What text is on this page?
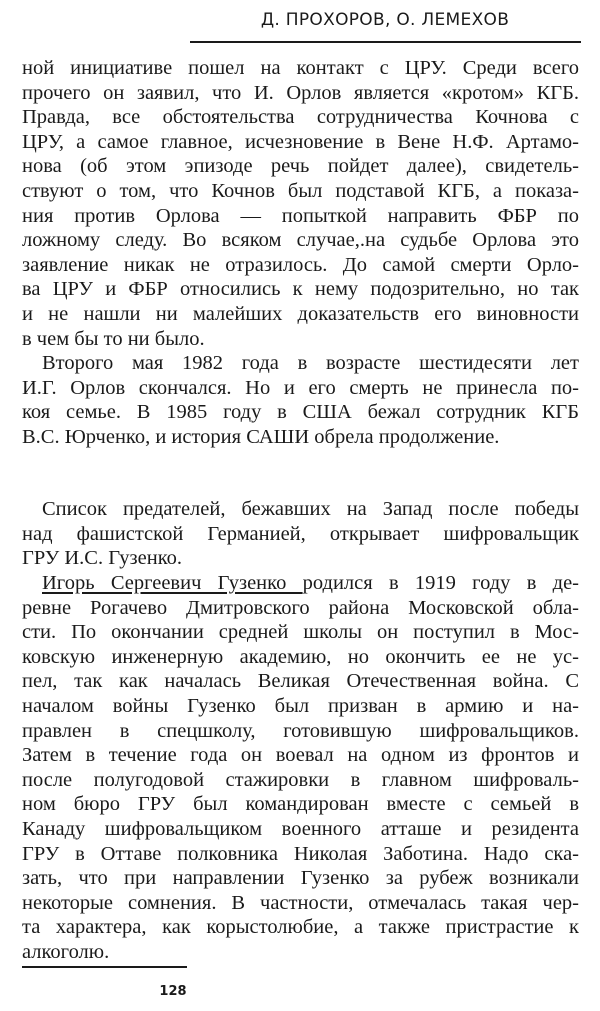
Д. ПРОХОРОВ, О. ЛЕМЕХОВ
ной инициативе пошел на контакт с ЦРУ. Среди всего
прочего он заявил, что И. Орлов является «кротом» КГБ.
Правда, все обстоятельства сотрудничества Кочнова с
ЦРУ, а самое главное, исчезновение в Вене Н.Ф. Артамо-
нова (об этом эпизоде речь пойдет далее), свидетель-
ствуют о том, что Кочнов был подставой КГБ, а показа-
ния против Орлова — попыткой направить ФБР по
ложному следу. Во всяком случае,.на судьбе Орлова это
заявление никак не отразилось. До самой смерти Орло-
ва ЦРУ и ФБР относились к нему подозрительно, но так
и не нашли ни малейших доказательств его виновности
в чем бы то ни было.
Второго мая 1982 года в возрасте шестидесяти лет
И.Г. Орлов скончался. Но и его смерть не принесла по-
коя семье. В 1985 году в США бежал сотрудник КГБ
В.С. Юрченко, и история САШИ обрела продолжение.
Список предателей, бежавших на Запад после победы
над фашистской Германией, открывает шифровальщик
ГРУ И.С. Гузенко.
Игорь Сергеевич Гузенко родился в 1919 году в де-
ревне Рогачево Дмитровского района Московской обла-
сти. По окончании средней школы он поступил в Мос-
ковскую инженерную академию, но окончить ее не ус-
пел, так как началась Великая Отечественная война. С
началом войны Гузенко был призван в армию и на-
правлен в спецшколу, готовившую шифровальщиков.
Затем в течение года он воевал на одном из фронтов и
после полугодовой стажировки в главном шифроваль-
ном бюро ГРУ был командирован вместе с семьей в
Канаду шифровальщиком военного атташе и резидента
ГРУ в Оттаве полковника Николая Заботина. Надо ска-
зать, что при направлении Гузенко за рубеж возникали
некоторые сомнения. В частности, отмечалась такая чер-
та характера, как корыстолюбие, а также пристрастие к
алкоголю.
128
